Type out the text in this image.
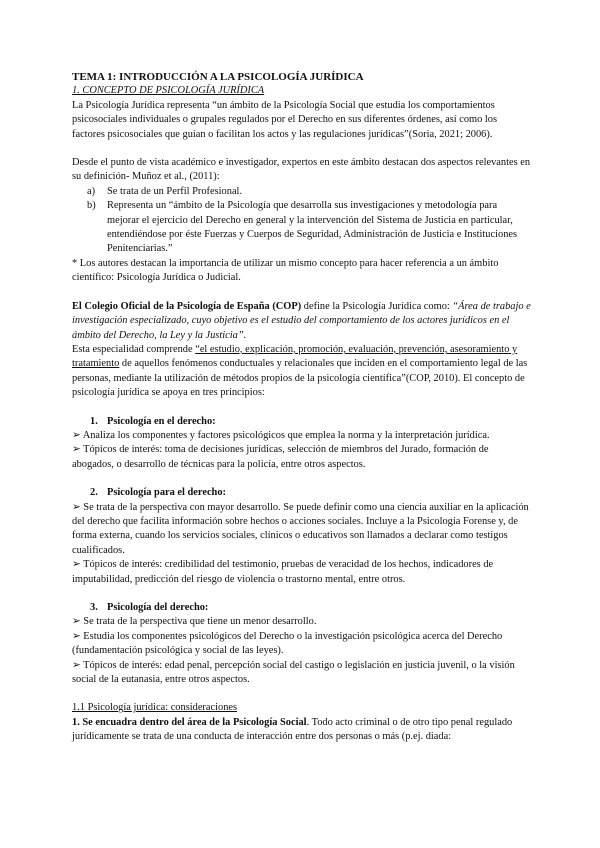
TEMA 1: INTRODUCCIÓN A LA PSICOLOGÍA JURÍDICA

1. CONCEPTO DE PSICOLOGÍA JURÍDICA

La Psicología Jurídica representa “un ámbito de la Psicología Social que estudia los comportamientos psicosociales individuales o grupales regulados por el Derecho en sus diferentes órdenes, así como los factores psicosociales que guían o facilitan los actos y las regulaciones jurídicas”(Soria, 2021; 2006).

Desde el punto de vista académico e investigador, expertos en este ámbito destacan dos aspectos relevantes en su definición- Muñoz et al., (2011):

a)	Se trata de un Perfil Profesional.
b)	Representa un “ámbito de la Psicología que desarrolla sus investigaciones y metodología para mejorar el ejercicio del Derecho en general y la intervención del Sistema de Justicia en particular, entendiéndose por éste Fuerzas y Cuerpos de Seguridad, Administración de Justicia e Instituciones Penitenciarias.”

* Los autores destacan la importancia de utilizar un mismo concepto para hacer referencia a un ámbito científico: Psicología Jurídica o Judicial.

El Colegio Oficial de la Psicología de España (COP) define la Psicología Jurídica como: “Área de trabajo e investigación especializado, cuyo objetivo es el estudio del comportamiento de los actores jurídicos en el ámbito del Derecho, la Ley y la Justicia”.

Esta especialidad comprende “el estudio, explicación, promoción, evaluación, prevención, asesoramiento y tratamiento de aquellos fenómenos conductuales y relacionales que inciden en el comportamiento legal de las personas, mediante la utilización de métodos propios de la psicología científica”(COP, 2010). El concepto de psicología jurídica se apoya en tres principios:

1. Psicología en el derecho:

➢ Analiza los componentes y factores psicológicos que emplea la norma y la interpretación jurídica.

➢ Tópicos de interés: toma de decisiones jurídicas, selección de miembros del Jurado, formación de abogados, o desarrollo de técnicas para la policía, entre otros aspectos.

2. Psicología para el derecho:

➢ Se trata de la perspectiva con mayor desarrollo. Se puede definir como una ciencia auxiliar en la aplicación del derecho que facilita información sobre hechos o acciones sociales. Incluye a la Psicología Forense y, de forma externa, cuando los servicios sociales, clínicos o educativos son llamados a declarar como testigos cualificados.

➢ Tópicos de interés: credibilidad del testimonio, pruebas de veracidad de los hechos, indicadores de imputabilidad, predicción del riesgo de violencia o trastorno mental, entre otros.

3. Psicología del derecho:

➢ Se trata de la perspectiva que tiene un menor desarrollo.

➢ Estudia los componentes psicológicos del Derecho o la investigación psicológica acerca del Derecho (fundamentación psicológica y social de las leyes).

➢ Tópicos de interés: edad penal, percepción social del castigo o legislación en justicia juvenil, o la visión social de la eutanasia, entre otros aspectos.

1.1 Psicología jurídica: consideraciones

1. Se encuadra dentro del área de la Psicología Social. Todo acto criminal o de otro tipo penal regulado jurídicamente se trata de una conducta de interacción entre dos personas o más (p.ej. diada:
